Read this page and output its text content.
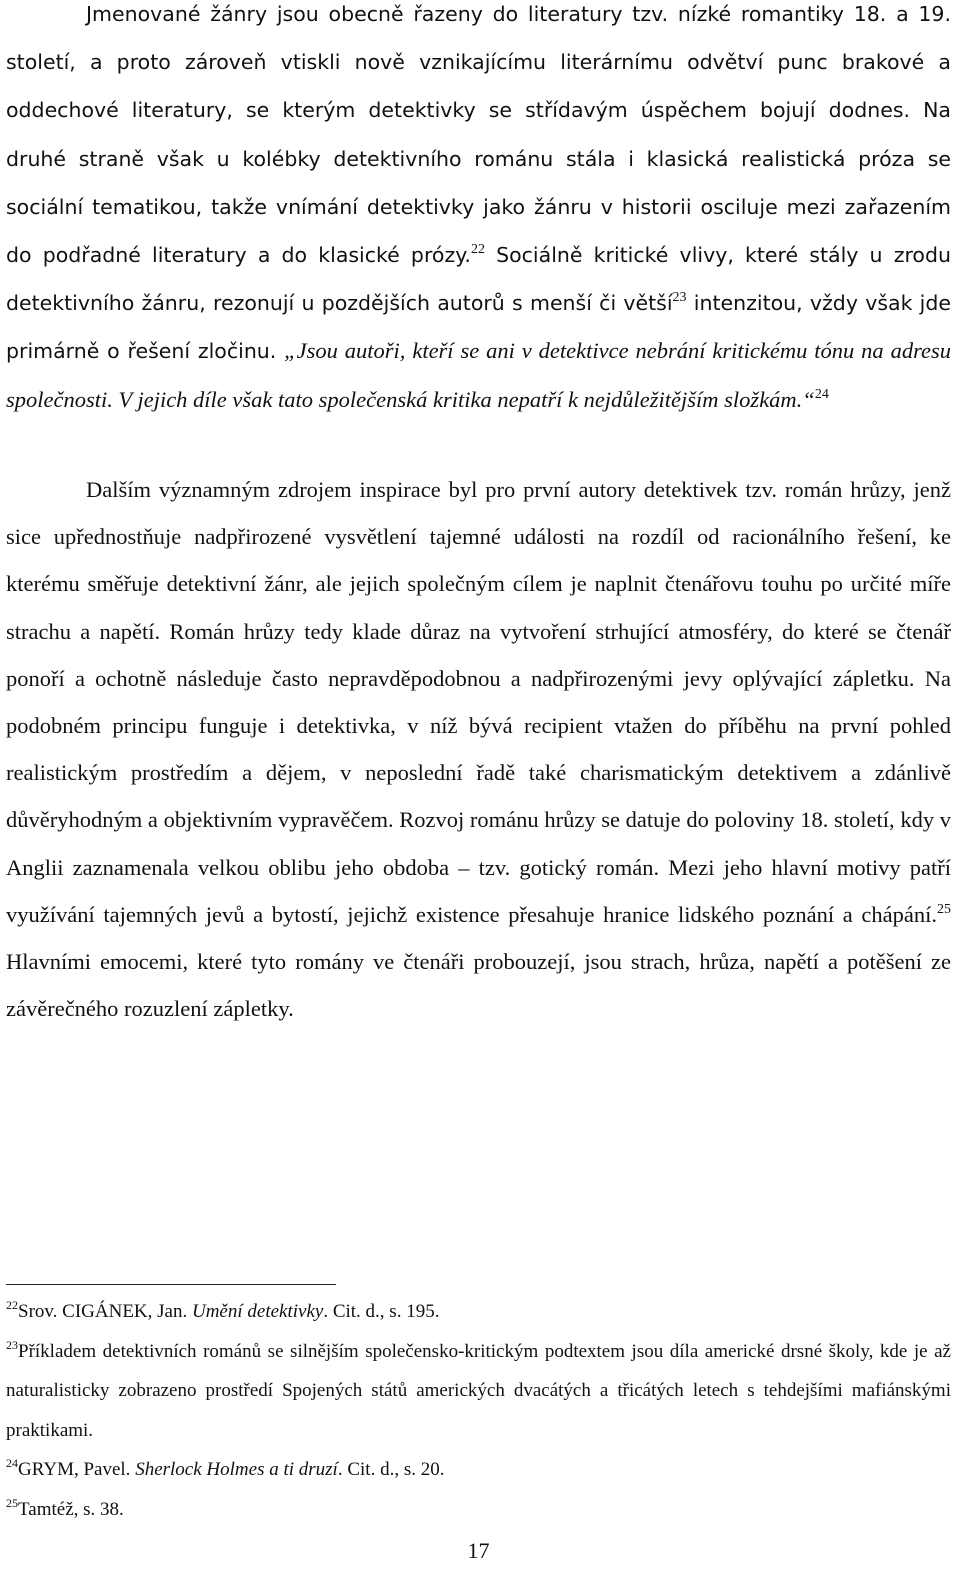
Jmenované žánry jsou obecně řazeny do literatury tzv. nízké romantiky 18. a 19. století, a proto zároveň vtiskli nově vznikajícímu literárnímu odvětví punc brakové a oddechové literatury, se kterým detektivky se střídavým úspěchem bojují dodnes. Na druhé straně však u kolébky detektivního románu stála i klasická realistická próza se sociální tematikou, takže vnímání detektivky jako žánru v historii osciluje mezi zařazením do podřadné literatury a do klasické prózy.$^{22}$ Sociálně kritické vlivy, které stály u zrodu detektivního žánru, rezonují u pozdějších autorů s menší či větší$^{23}$ intenzitou, vždy však jde primárně o řešení zločinu. „Jsou autoři, kteří se ani v detektivce nebrání kritickému tónu na adresu společnosti. V jejich díle však tato společenská kritika nepatří k nejdůležitějším složkám.“$^{24}$

Dalším významným zdrojem inspirace byl pro první autory detektivek tzv. román hrůzy, jenž sice upřednostňuje nadpřirozené vysvětlení tajemné události na rozdíl od racionálního řešení, ke kterému směřuje detektivní žánr, ale jejich společným cílem je naplnit čtenářovu touhu po určité míře strachu a napětí. Román hrůzy tedy klade důraz na vytvoření strhující atmosféry, do které se čtenář ponoří a ochotně následuje často nepravděpodobnou a nadpřirozenými jevy oplývající zápletku. Na podobném principu funguje i detektivka, v níž bývá recipient vtažen do příběhu na první pohled realistickým prostředím a dějem, v neposlední řadě také charismatickým detektivem a zdánlivě důvěryhodným a objektivním vypravěčem. Rozvoj románu hrůzy se datuje do poloviny 18. století, kdy v Anglii zaznamenala velkou oblibu jeho obdoba – tzv. gotický román. Mezi jeho hlavní motivy patří využívání tajemných jevů a bytostí, jejichž existence přesahuje hranice lidského poznání a chápání.$^{25}$ Hlavními emocemi, které tyto romány ve čtenáři probouzejí, jsou strach, hrůza, napětí a potěšení ze závěrečného rozuzlení zápletky.

$^{22}$Srov. CIGÁNEK, Jan. Umění detektivky. Cit. d., s. 195.

$^{23}$Příkladem detektivních románů se silnějším společensko-kritickým podtextem jsou díla americké drsné školy, kde je až naturalisticky zobrazeno prostředí Spojených států amerických dvacátých a třicátých letech s tehdejšími mafiánskými praktikami.

$^{24}$GRYM, Pavel. Sherlock Holmes a ti druzí. Cit. d., s. 20.

$^{25}$Tamtéž, s. 38.

17
